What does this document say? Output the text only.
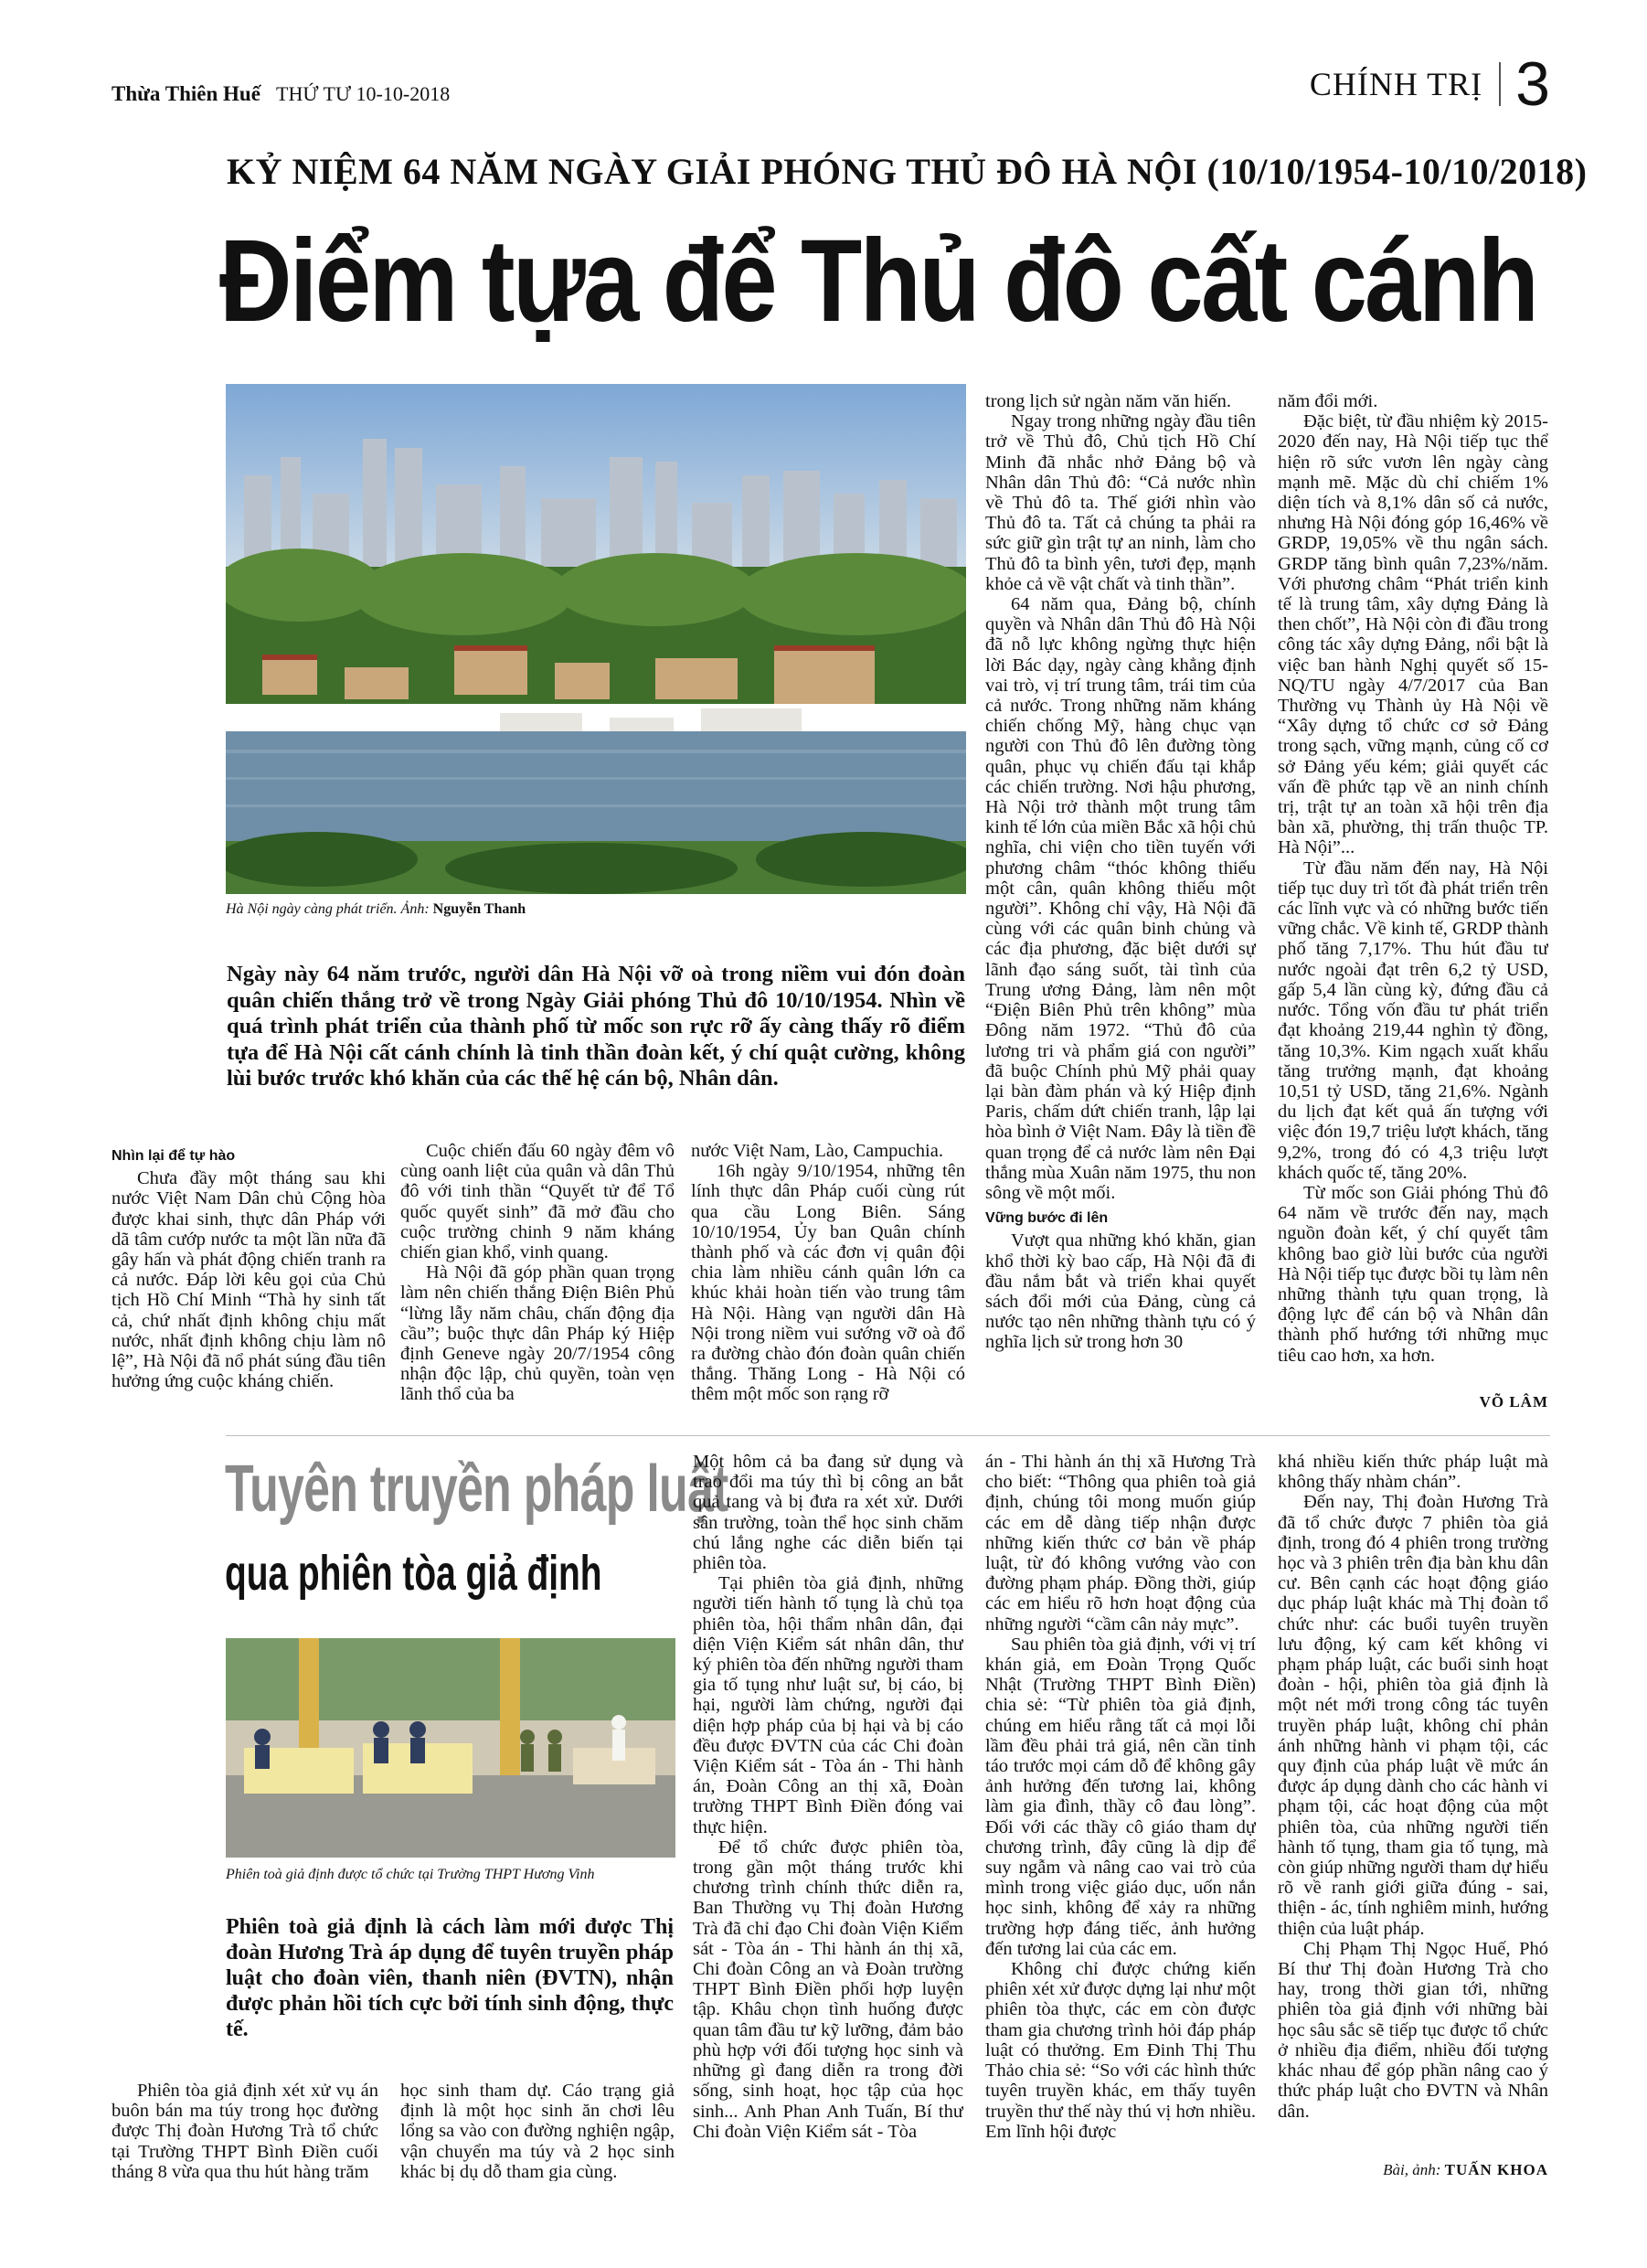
Thừa Thiên Huế THỨ TƯ 10-10-2018	CHÍNH TRỊ 3
KỶ NIỆM 64 NĂM NGÀY GIẢI PHÓNG THỦ ĐÔ HÀ NỘI (10/10/1954-10/10/2018)
Điểm tựa để Thủ đô cất cánh
Hà Nội ngày càng phát triển. Ảnh: Nguyễn Thanh
Ngày này 64 năm trước, người dân Hà Nội vỡ oà trong niềm vui đón đoàn quân chiến thắng trở về trong Ngày Giải phóng Thủ đô 10/10/1954. Nhìn về quá trình phát triển của thành phố từ mốc son rực rỡ ấy càng thấy rõ điểm tựa để Hà Nội cất cánh chính là tinh thần đoàn kết, ý chí quật cường, không lùi bước trước khó khăn của các thế hệ cán bộ, Nhân dân.
Nhìn lại để tự hào

Chưa đầy một tháng sau khi nước Việt Nam Dân chủ Cộng hòa được khai sinh, thực dân Pháp với dã tâm cướp nước ta một lần nữa đã gây hấn và phát động chiến tranh ra cả nước. Đáp lời kêu gọi của Chủ tịch Hồ Chí Minh “Thà hy sinh tất cả, chứ nhất định không chịu mất nước, nhất định không chịu làm nô lệ”, Hà Nội đã nổ phát súng đầu tiên hưởng ứng cuộc kháng chiến.

Cuộc chiến đấu 60 ngày đêm vô cùng oanh liệt của quân và dân Thủ đô với tinh thần “Quyết tử để Tổ quốc quyết sinh” đã mở đầu cho cuộc trường chinh 9 năm kháng chiến gian khổ, vinh quang.

Hà Nội đã góp phần quan trọng làm nên chiến thắng Điện Biên Phủ “lừng lẫy năm châu, chấn động địa cầu”; buộc thực dân Pháp ký Hiệp định Geneve ngày 20/7/1954 công nhận độc lập, chủ quyền, toàn vẹn lãnh thổ của ba

nước Việt Nam, Lào, Campuchia.

16h ngày 9/10/1954, những tên lính thực dân Pháp cuối cùng rút qua cầu Long Biên. Sáng 10/10/1954, Ủy ban Quân chính thành phố và các đơn vị quân đội chia làm nhiều cánh quân lớn ca khúc khải hoàn tiến vào trung tâm Hà Nội. Hàng vạn người dân Hà Nội trong niềm vui sướng vỡ oà đổ ra đường chào đón đoàn quân chiến thắng. Thăng Long - Hà Nội có thêm một mốc son rạng rỡ

trong lịch sử ngàn năm văn hiến.

Ngay trong những ngày đầu tiên trở về Thủ đô, Chủ tịch Hồ Chí Minh đã nhắc nhở Đảng bộ và Nhân dân Thủ đô: “Cả nước nhìn về Thủ đô ta. Thế giới nhìn vào Thủ đô ta. Tất cả chúng ta phải ra sức giữ gìn trật tự an ninh, làm cho Thủ đô ta bình yên, tươi đẹp, mạnh khỏe cả về vật chất và tinh thần”.

64 năm qua, Đảng bộ, chính quyền và Nhân dân Thủ đô Hà Nội đã nỗ lực không ngừng thực hiện lời Bác dạy, ngày càng khẳng định vai trò, vị trí trung tâm, trái tim của cả nước. Trong những năm kháng chiến chống Mỹ, hàng chục vạn người con Thủ đô lên đường tòng quân, phục vụ chiến đấu tại khắp các chiến trường. Nơi hậu phương, Hà Nội trở thành một trung tâm kinh tế lớn của miền Bắc xã hội chủ nghĩa, chi viện cho tiền tuyến với phương châm “thóc không thiếu một cân, quân không thiếu một người”. Không chỉ vậy, Hà Nội đã cùng với các quân binh chủng và các địa phương, đặc biệt dưới sự lãnh đạo sáng suốt, tài tình của Trung ương Đảng, làm nên một “Điện Biên Phủ trên không” mùa Đông năm 1972. “Thủ đô của lương tri và phẩm giá con người” đã buộc Chính phủ Mỹ phải quay lại bàn đàm phán và ký Hiệp định Paris, chấm dứt chiến tranh, lập lại hòa bình ở Việt Nam. Đây là tiền đề quan trọng để cả nước làm nên Đại thắng mùa Xuân năm 1975, thu non sông về một mối.

Vững bước đi lên

Vượt qua những khó khăn, gian khổ thời kỳ bao cấp, Hà Nội đã đi đầu nắm bắt và triển khai quyết sách đổi mới của Đảng, cùng cả nước tạo nên những thành tựu có ý nghĩa lịch sử trong hơn 30

năm đổi mới.

Đặc biệt, từ đầu nhiệm kỳ 2015-2020 đến nay, Hà Nội tiếp tục thể hiện rõ sức vươn lên ngày càng mạnh mẽ. Mặc dù chỉ chiếm 1% diện tích và 8,1% dân số cả nước, nhưng Hà Nội đóng góp 16,46% về GRDP, 19,05% về thu ngân sách. GRDP tăng bình quân 7,23%/năm. Với phương châm “Phát triển kinh tế là trung tâm, xây dựng Đảng là then chốt”, Hà Nội còn đi đầu trong công tác xây dựng Đảng, nổi bật là việc ban hành Nghị quyết số 15-NQ/TU ngày 4/7/2017 của Ban Thường vụ Thành ủy Hà Nội về “Xây dựng tổ chức cơ sở Đảng trong sạch, vững mạnh, củng cố cơ sở Đảng yếu kém; giải quyết các vấn đề phức tạp về an ninh chính trị, trật tự an toàn xã hội trên địa bàn xã, phường, thị trấn thuộc TP. Hà Nội”...

Từ đầu năm đến nay, Hà Nội tiếp tục duy trì tốt đà phát triển trên các lĩnh vực và có những bước tiến vững chắc. Về kinh tế, GRDP thành phố tăng 7,17%. Thu hút đầu tư nước ngoài đạt trên 6,2 tỷ USD, gấp 5,4 lần cùng kỳ, đứng đầu cả nước. Tổng vốn đầu tư phát triển đạt khoảng 219,44 nghìn tỷ đồng, tăng 10,3%. Kim ngạch xuất khẩu tăng trưởng mạnh, đạt khoảng 10,51 tỷ USD, tăng 21,6%. Ngành du lịch đạt kết quả ấn tượng với việc đón 19,7 triệu lượt khách, tăng 9,2%, trong đó có 4,3 triệu lượt khách quốc tế, tăng 20%.

Từ mốc son Giải phóng Thủ đô 64 năm về trước đến nay, mạch nguồn đoàn kết, ý chí quyết tâm không bao giờ lùi bước của người Hà Nội tiếp tục được bồi tụ làm nên những thành tựu quan trọng, là động lực để cán bộ và Nhân dân thành phố hướng tới những mục tiêu cao hơn, xa hơn.

VÕ LÂM
Tuyên truyền pháp luật
qua phiên tòa giả định
Phiên toà giả định được tổ chức tại Trường THPT Hương Vinh
Phiên toà giả định là cách làm mới được Thị đoàn Hương Trà áp dụng để tuyên truyền pháp luật cho đoàn viên, thanh niên (ĐVTN), nhận được phản hồi tích cực bởi tính sinh động, thực tế.

Phiên tòa giả định xét xử vụ án buôn bán ma túy trong học đường được Thị đoàn Hương Trà tổ chức tại Trường THPT Bình Điền cuối tháng 8 vừa qua thu hút hàng trăm

học sinh tham dự. Cáo trạng giả định là một học sinh ăn chơi lêu lổng sa vào con đường nghiện ngập, vận chuyển ma túy và 2 học sinh khác bị dụ dỗ tham gia cùng.

Một hôm cả ba đang sử dụng và trao đổi ma túy thì bị công an bắt quả tang và bị đưa ra xét xử. Dưới sân trường, toàn thể học sinh chăm chú lắng nghe các diễn biến tại phiên tòa.

Tại phiên tòa giả định, những người tiến hành tố tụng là chủ tọa phiên tòa, hội thẩm nhân dân, đại diện Viện Kiểm sát nhân dân, thư ký phiên tòa đến những người tham gia tố tụng như luật sư, bị cáo, bị hại, người làm chứng, người đại diện hợp pháp của bị hại và bị cáo đều được ĐVTN của các Chi đoàn Viện Kiểm sát - Tòa án - Thi hành án, Đoàn Công an thị xã, Đoàn trường THPT Bình Điền đóng vai thực hiện.

Để tổ chức được phiên tòa, trong gần một tháng trước khi chương trình chính thức diễn ra, Ban Thường vụ Thị đoàn Hương Trà đã chỉ đạo Chi đoàn Viện Kiểm sát - Tòa án - Thi hành án thị xã, Chi đoàn Công an và Đoàn trường THPT Bình Điền phối hợp luyện tập. Khâu chọn tình huống được quan tâm đầu tư kỹ lưỡng, đảm bảo phù hợp với đối tượng học sinh và những gì đang diễn ra trong đời sống, sinh hoạt, học tập của học sinh... Anh Phan Anh Tuấn, Bí thư Chi đoàn Viện Kiểm sát - Tòa

án - Thi hành án thị xã Hương Trà cho biết: “Thông qua phiên toà giả định, chúng tôi mong muốn giúp các em dễ dàng tiếp nhận được những kiến thức cơ bản về pháp luật, từ đó không vướng vào con đường phạm pháp. Đồng thời, giúp các em hiểu rõ hơn hoạt động của những người “cầm cân nảy mực”.

Sau phiên tòa giả định, với vị trí khán giả, em Đoàn Trọng Quốc Nhật (Trường THPT Bình Điền) chia sẻ: “Từ phiên tòa giả định, chúng em hiểu rằng tất cả mọi lỗi lầm đều phải trả giá, nên cần tỉnh táo trước mọi cám dỗ để không gây ảnh hưởng đến tương lai, không làm gia đình, thầy cô đau lòng”. Đối với các thầy cô giáo tham dự chương trình, đây cũng là dịp để suy ngẫm và nâng cao vai trò của mình trong việc giáo dục, uốn nắn học sinh, không để xảy ra những trường hợp đáng tiếc, ảnh hưởng đến tương lai của các em.

Không chỉ được chứng kiến phiên xét xử được dựng lại như một phiên tòa thực, các em còn được tham gia chương trình hỏi đáp pháp luật có thưởng. Em Đinh Thị Thu Thảo chia sẻ: “So với các hình thức tuyên truyền khác, em thấy tuyên truyền thư thế này thú vị hơn nhiều. Em lĩnh hội được

khá nhiều kiến thức pháp luật mà không thấy nhàm chán”.

Đến nay, Thị đoàn Hương Trà đã tổ chức được 7 phiên tòa giả định, trong đó 4 phiên trong trường học và 3 phiên trên địa bàn khu dân cư. Bên cạnh các hoạt động giáo dục pháp luật khác mà Thị đoàn tổ chức như: các buổi tuyên truyền lưu động, ký cam kết không vi phạm pháp luật, các buổi sinh hoạt đoàn - hội, phiên tòa giả định là một nét mới trong công tác tuyên truyền pháp luật, không chỉ phản ánh những hành vi phạm tội, các quy định của pháp luật về mức án được áp dụng dành cho các hành vi phạm tội, các hoạt động của một phiên tòa, của những người tiến hành tố tụng, tham gia tố tụng, mà còn giúp những người tham dự hiểu rõ về ranh giới giữa đúng - sai, thiện - ác, tính nghiêm minh, hướng thiện của luật pháp.

Chị Phạm Thị Ngọc Huế, Phó Bí thư Thị đoàn Hương Trà cho hay, trong thời gian tới, những phiên tòa giả định với những bài học sâu sắc sẽ tiếp tục được tổ chức ở nhiều địa điểm, nhiều đối tượng khác nhau để góp phần nâng cao ý thức pháp luật cho ĐVTN và Nhân dân.

Bài, ảnh: TUẤN KHOA
